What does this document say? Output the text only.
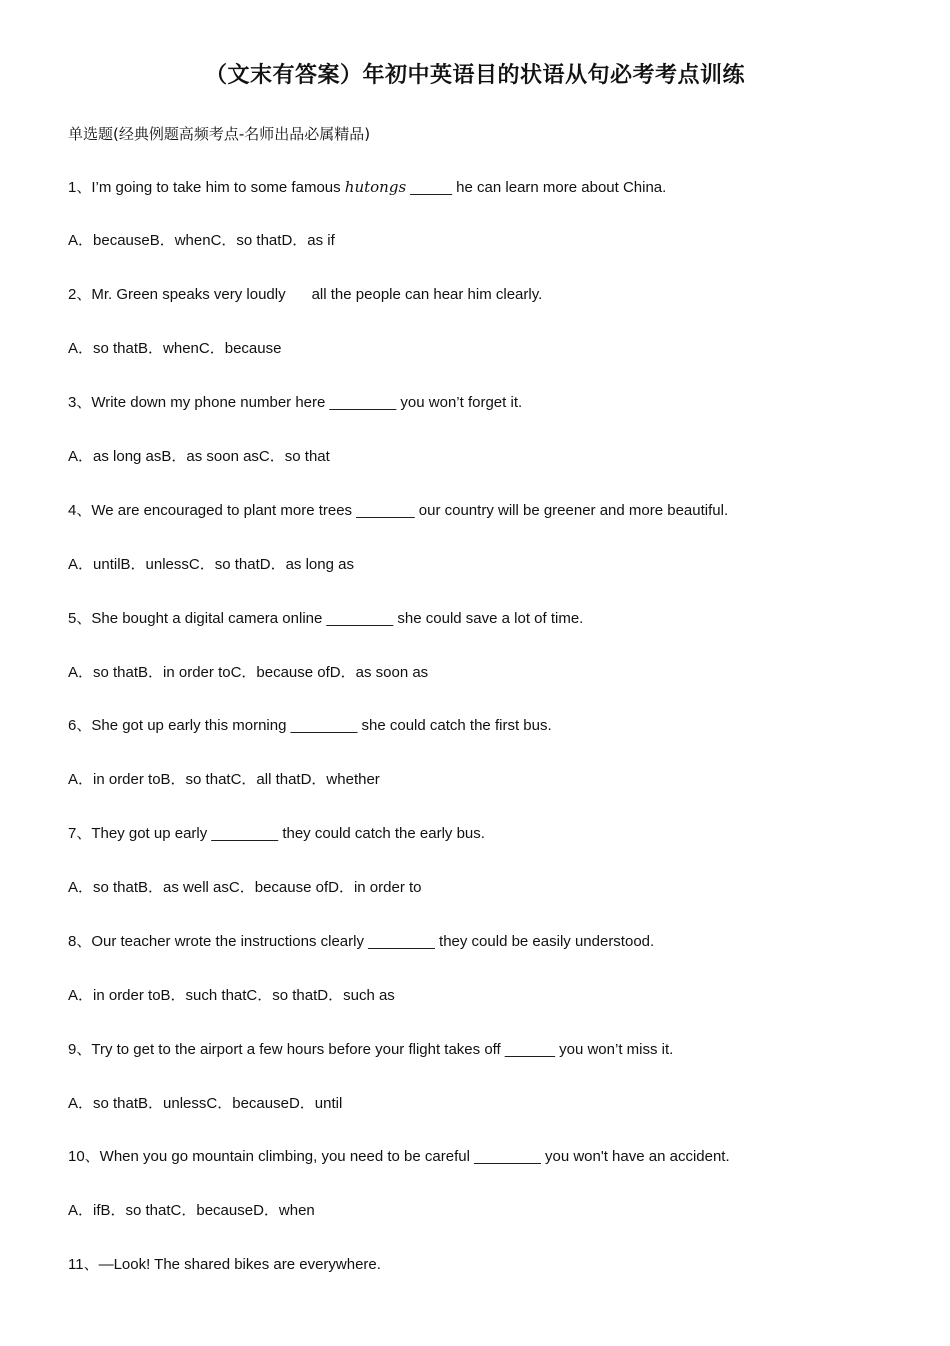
（文末有答案）年初中英语目的状语从句必考考点训练
单选题(经典例题高频考点-名师出品必属精品)
1、I’m going to take him to some famous hutongs _____ he can learn more about China.
A．becauseB．whenC．so thatD．as if
2、Mr. Green speaks very loudly all the people can hear him clearly.
A．so thatB．whenC．because
3、Write down my phone number here ________ you won’t forget it.
A．as long asB．as soon asC．so that
4、We are encouraged to plant more trees _______ our country will be greener and more beautiful.
A．untilB．unlessC．so thatD．as long as
5、She bought a digital camera online ________ she could save a lot of time.
A．so thatB．in order toC．because ofD．as soon as
6、She got up early this morning ________ she could catch the first bus.
A．in order toB．so thatC．all thatD．whether
7、They got up early ________ they could catch the early bus.
A．so thatB．as well asC．because ofD．in order to
8、Our teacher wrote the instructions clearly ________ they could be easily understood.
A．in order toB．such thatC．so thatD．such as
9、Try to get to the airport a few hours before your flight takes off ______ you won’t miss it.
A．so thatB．unlessC．becauseD．until
10、When you go mountain climbing, you need to be careful ________ you won't have an accident.
A．ifB．so thatC．becauseD．when
11、—Look! The shared bikes are everywhere.
